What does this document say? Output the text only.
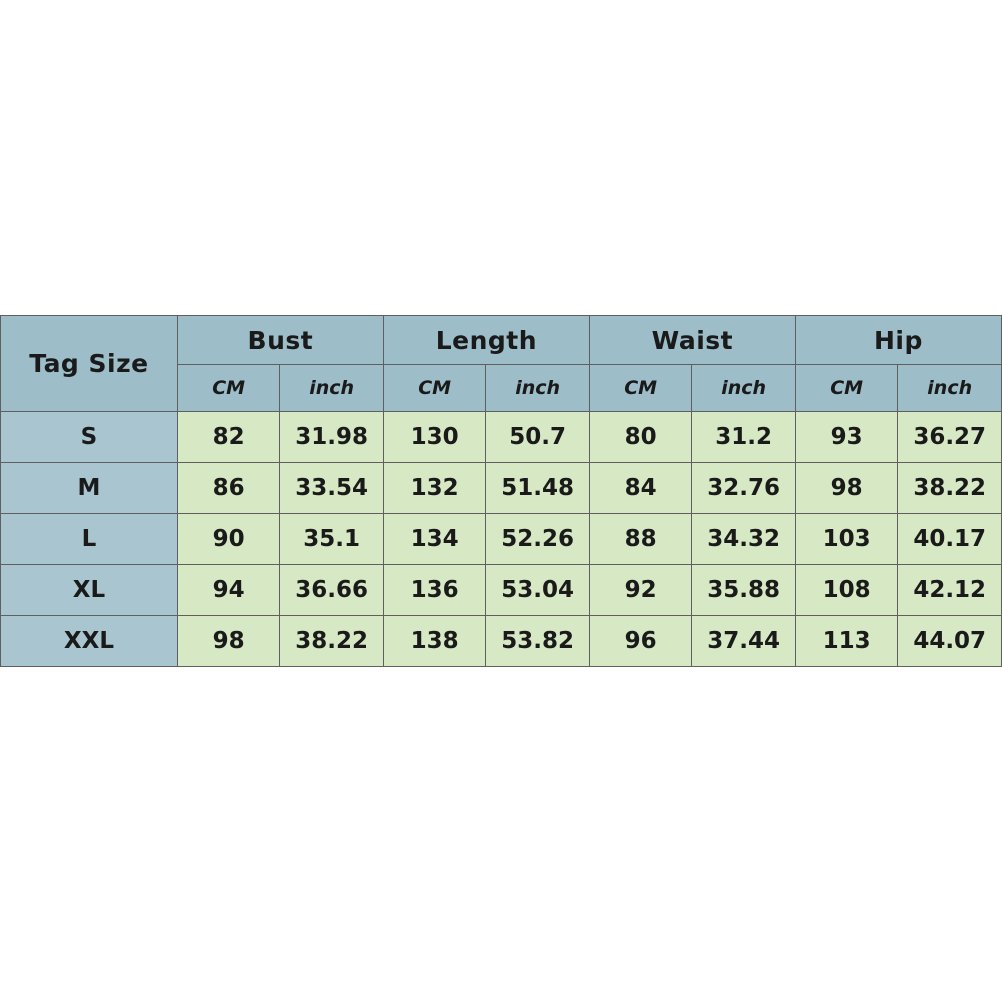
Tag Size	Bust		Length		Waist		Hip	
	CM	inch	CM	inch	CM	inch	CM	inch
S	82	31.98	130	50.7	80	31.2	93	36.27
M	86	33.54	132	51.48	84	32.76	98	38.22
L	90	35.1	134	52.26	88	34.32	103	40.17
XL	94	36.66	136	53.04	92	35.88	108	42.12
XXL	98	38.22	138	53.82	96	37.44	113	44.07
